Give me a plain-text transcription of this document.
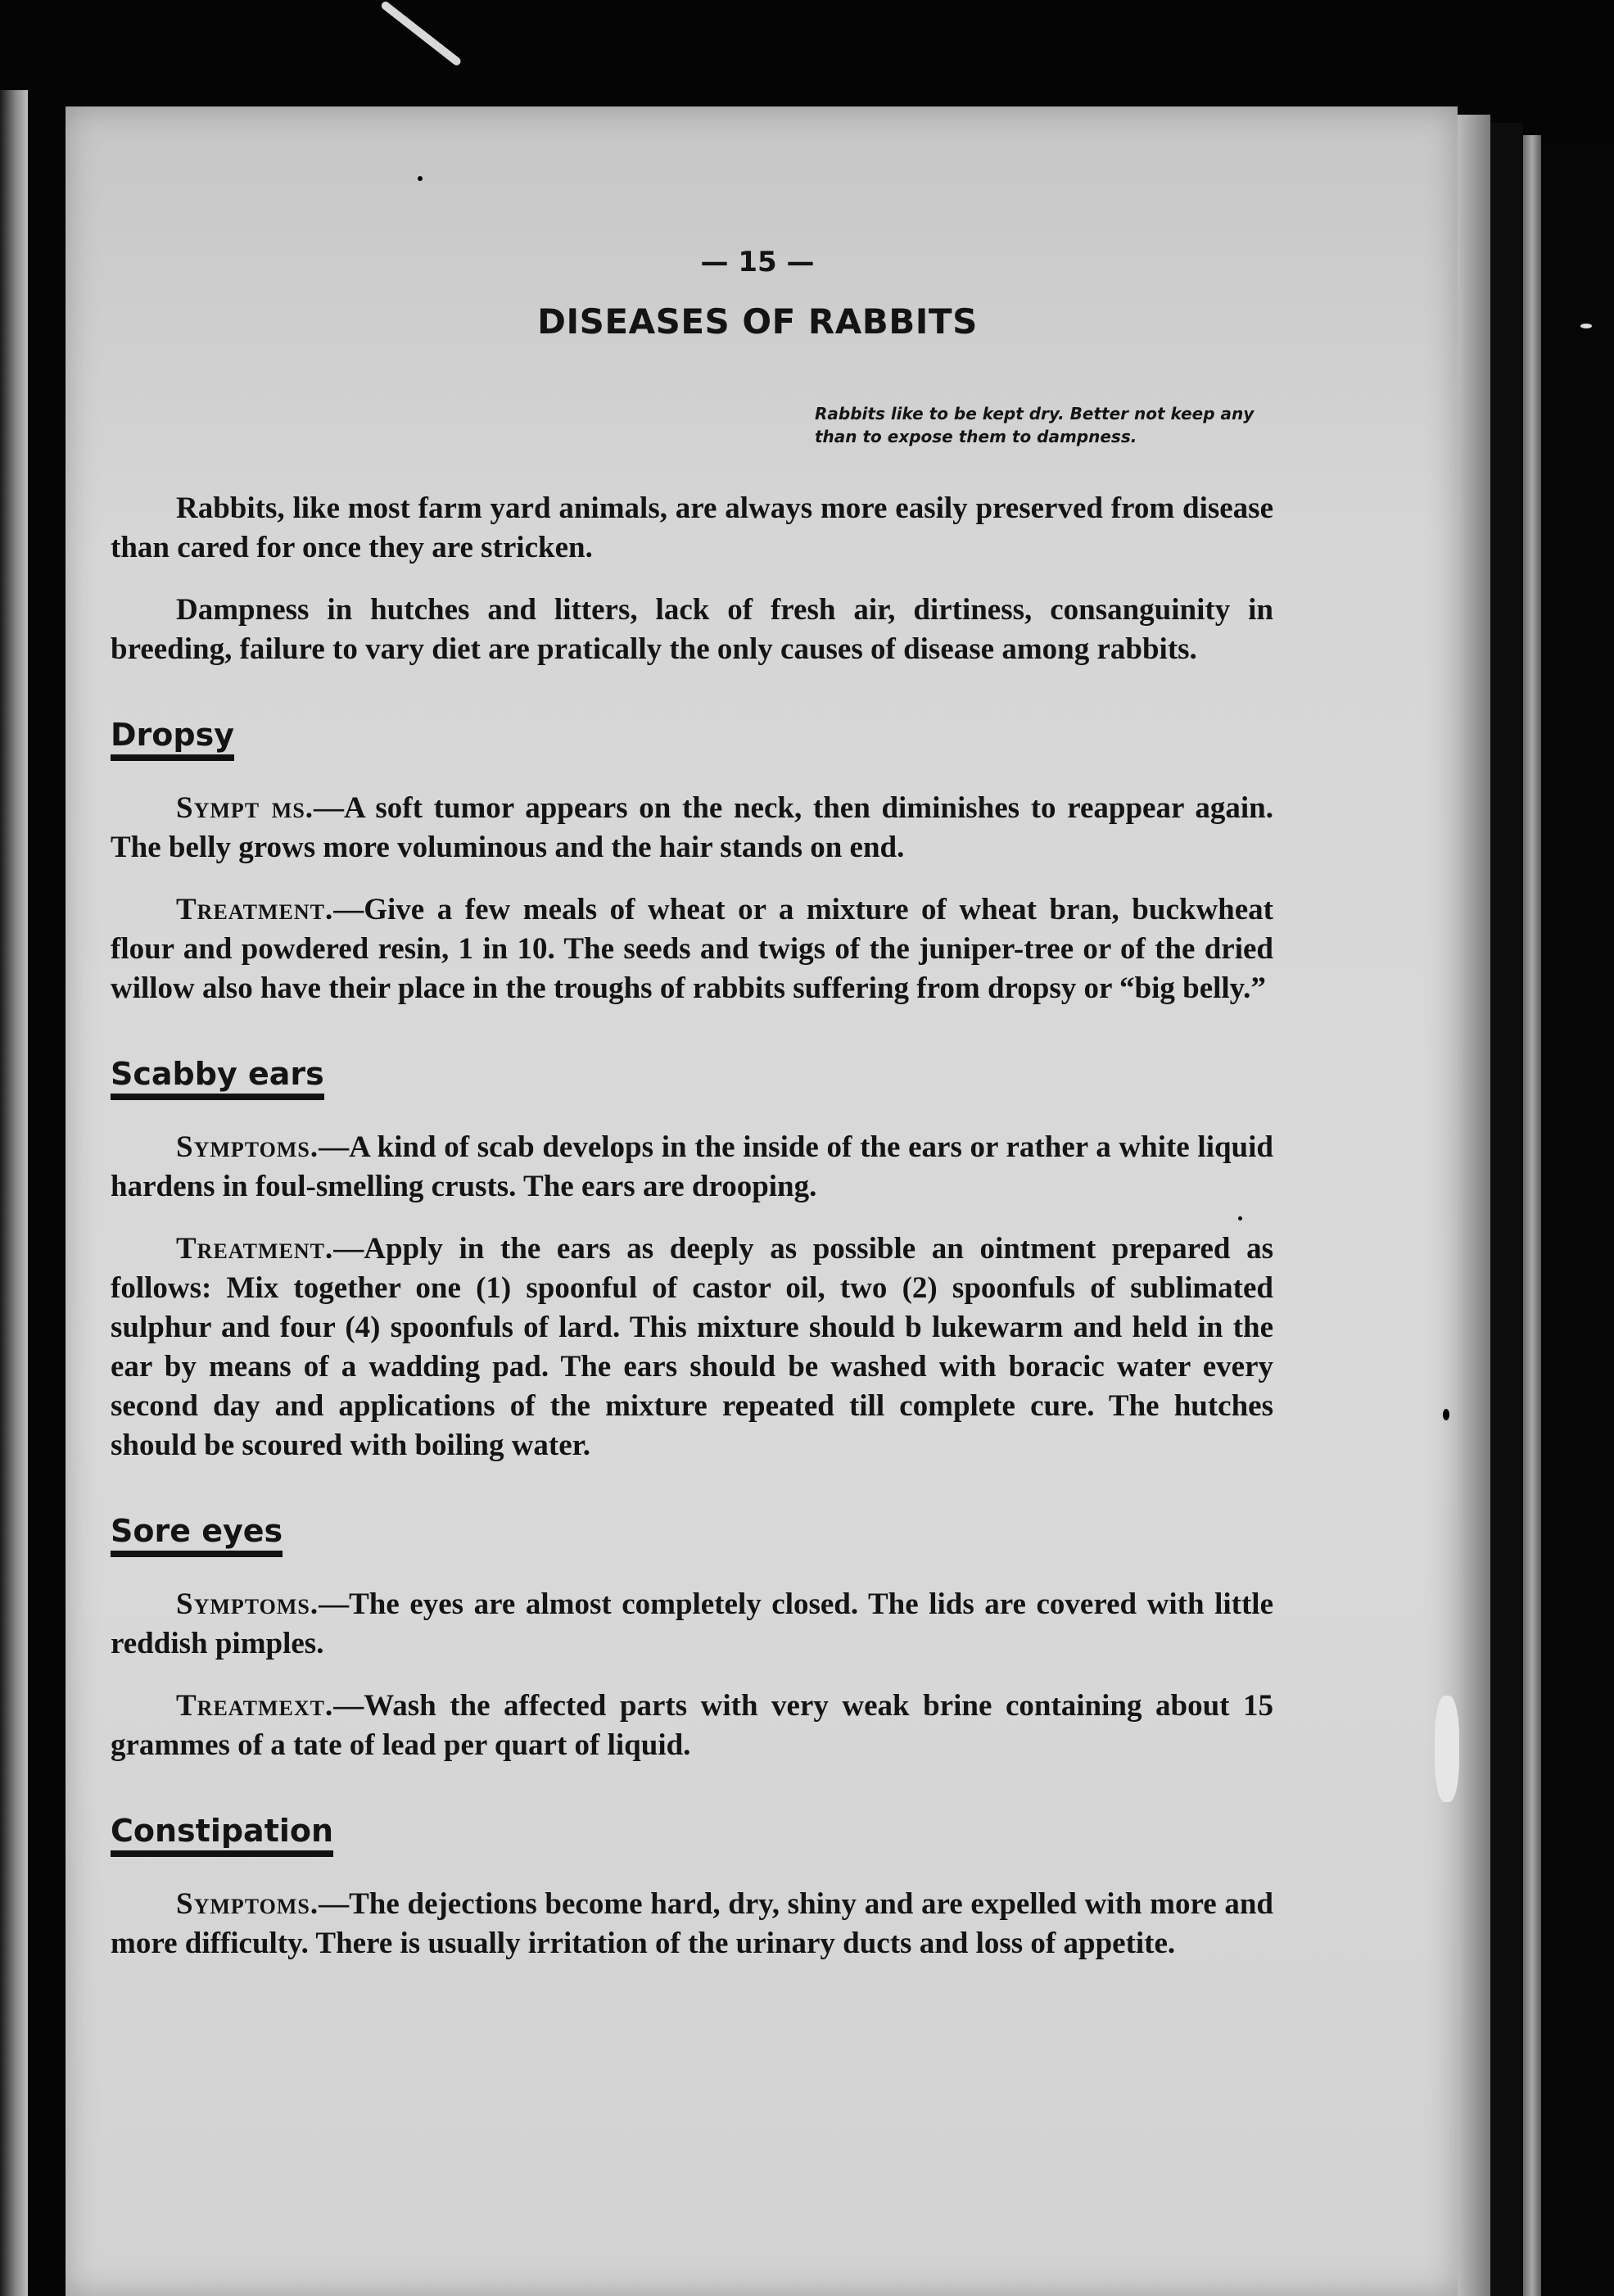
— 15 —
DISEASES OF RABBITS
Rabbits like to be kept dry. Better not keep any than to expose them to dampness.

Rabbits, like most farm yard animals, are always more easily preserved from disease than cared for once they are stricken.

Dampness in hutches and litters, lack of fresh air, dirtiness, consanguinity in breeding, failure to vary diet are pratically the only causes of disease among rabbits.

Dropsy

Sympt ms.—A soft tumor appears on the neck, then diminishes to reappear again. The belly grows more voluminous and the hair stands on end.

Treatment.—Give a few meals of wheat or a mixture of wheat bran, buckwheat flour and powdered resin, 1 in 10. The seeds and twigs of the juniper-tree or of the dried willow also have their place in the troughs of rabbits suffering from dropsy or “big belly.”

Scabby ears

Symptoms.—A kind of scab develops in the inside of the ears or rather a white liquid hardens in foul-smelling crusts. The ears are drooping.

Treatment.—Apply in the ears as deeply as possible an ointment prepared as follows: Mix together one (1) spoonful of castor oil, two (2) spoonfuls of sublimated sulphur and four (4) spoonfuls of lard. This mixture should b lukewarm and held in the ear by means of a wadding pad. The ears should be washed with boracic water every second day and applications of the mixture repeated till complete cure. The hutches should be scoured with boiling water.

Sore eyes

Symptoms.—The eyes are almost completely closed. The lids are covered with little reddish pimples.

Treatmext.—Wash the affected parts with very weak brine containing about 15 grammes of a tate of lead per quart of liquid.

Constipation

Symptoms.—The dejections become hard, dry, shiny and are expelled with more and more difficulty. There is usually irritation of the urinary ducts and loss of appetite.
